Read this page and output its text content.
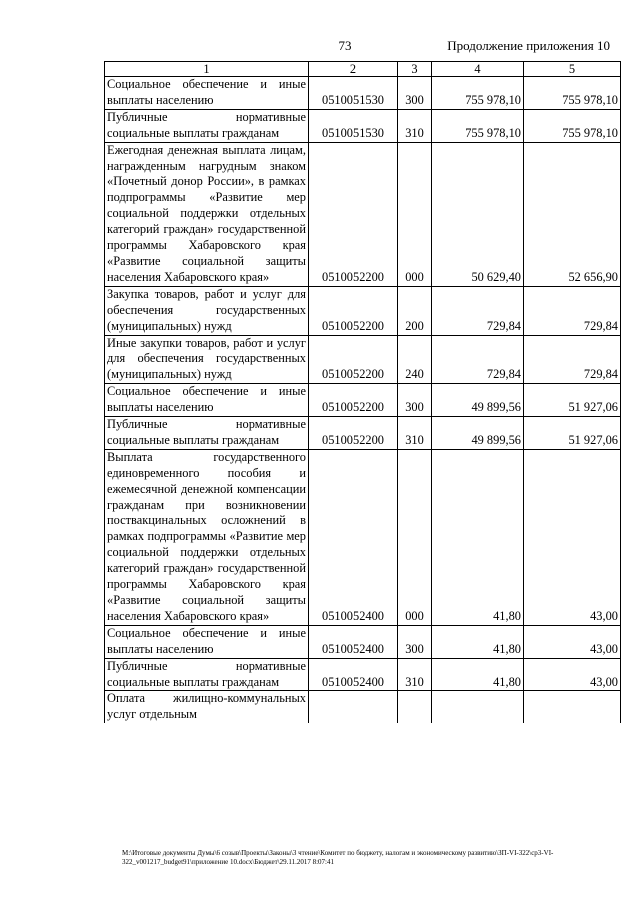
73	Продолжение приложения 10
1	2	3	4	5
Социальное обеспечение и иные выплаты населению	0510051530	300	755 978,10	755 978,10
Публичные нормативные социальные выплаты гражданам	0510051530	310	755 978,10	755 978,10
Ежегодная денежная выплата лицам, награжденным нагрудным знаком «Почетный донор России», в рамках подпрограммы «Развитие мер социальной поддержки отдельных категорий граждан» государственной программы Хабаровского края «Развитие социальной защиты населения Хабаровского края»	0510052200	000	50 629,40	52 656,90
Закупка товаров, работ и услуг для обеспечения государственных (муниципальных) нужд	0510052200	200	729,84	729,84
Иные закупки товаров, работ и услуг для обеспечения государственных (муниципальных) нужд	0510052200	240	729,84	729,84
Социальное обеспечение и иные выплаты населению	0510052200	300	49 899,56	51 927,06
Публичные нормативные социальные выплаты гражданам	0510052200	310	49 899,56	51 927,06
Выплата государственного единовременного пособия и ежемесячной денежной компенсации гражданам при возникновении поствакцинальных осложнений в рамках подпрограммы «Развитие мер социальной поддержки отдельных категорий граждан» государственной программы Хабаровского края «Развитие социальной защиты населения Хабаровского края»	0510052400	000	41,80	43,00
Социальное обеспечение и иные выплаты населению	0510052400	300	41,80	43,00
Публичные нормативные социальные выплаты гражданам	0510052400	310	41,80	43,00
Оплата жилищно-коммунальных услуг отдельным				
M:\Итоговые документы Думы\6 созыв\Проекты\Законы\3 чтение\Комитет по бюджету, налогам и экономическому развитию\ЗП-VI-322\ср3-VI-322_v001217_budget91\приложение 10.docx\Бюджет\29.11.2017 8:07:41
